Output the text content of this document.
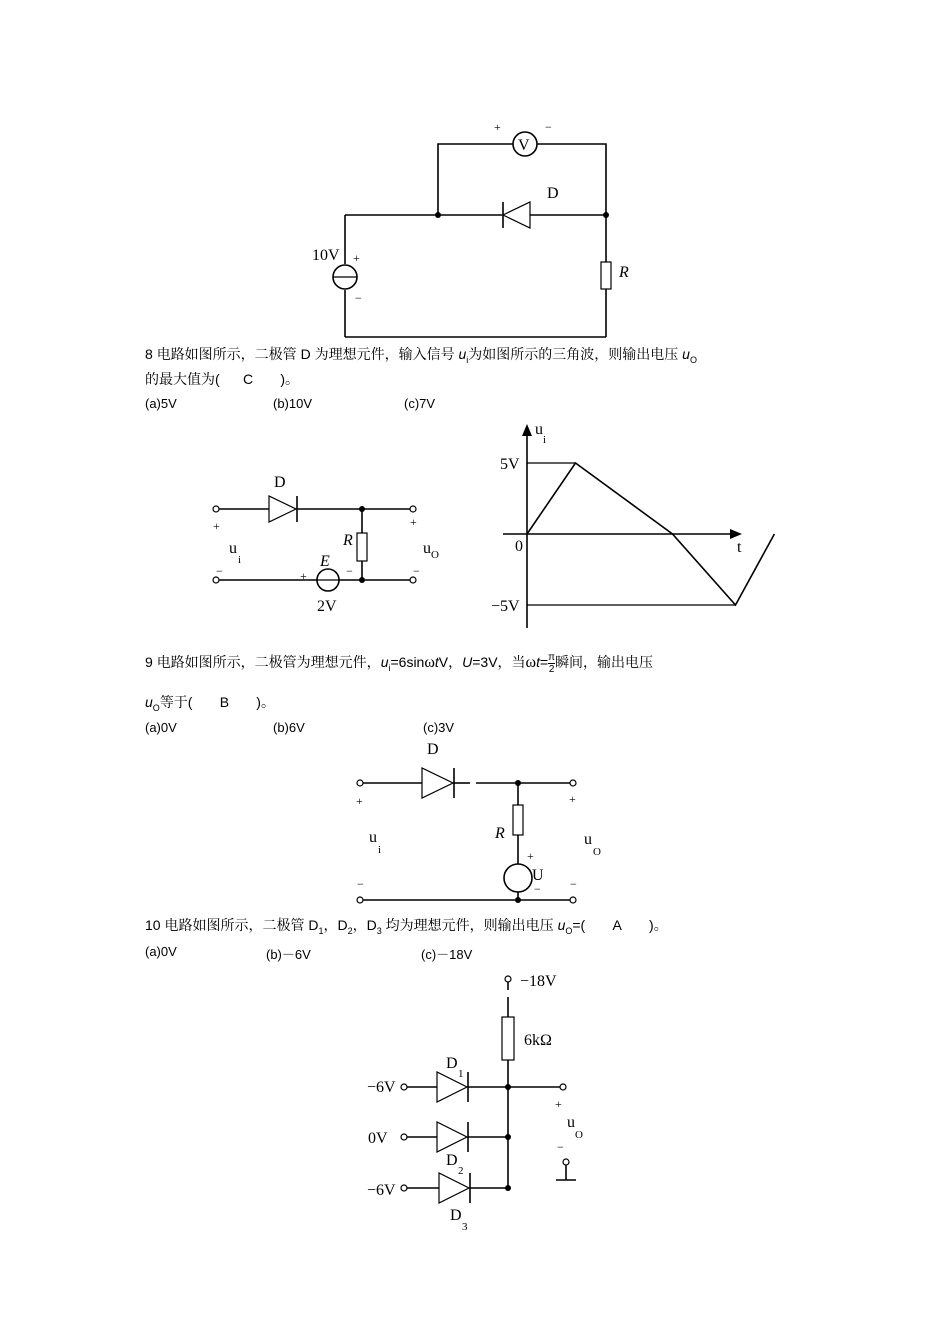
V
+	−
D
10V +
−
R
8 电路如图所示，二极管 D 为理想元件，输入信号 $u_i$为如图所示的三角波，则输出电压 $u_O$
的最大值为( C )。
(a)5V	(b)10V	(c)7V
D
R
E
2V
+	−
+
−
+
−
u
i
u O
u
i
t
0
5V
−5V
9 电路如图所示，二极管为理想元件，$u_i=6\sin\omega tV$，U=3V，当$\omega t= \frac{\pi}{2}$ 瞬间，输出电压
$u_O$等于( B )。
(a)0V	(b)6V	(c)3V
D
R
U
+
−
+
−
+
−
u
i
u
O
10 电路如图所示，二极管 $D_1$，$D_2$，$D_3$ 均为理想元件，则输出电压 $u_O=$( A )。
(a)0V	(b)－6V	(c)－18V
−18V
6kΩ
+
u
O
−
−6V
D
1
0V
D
2
−6V
D
3
